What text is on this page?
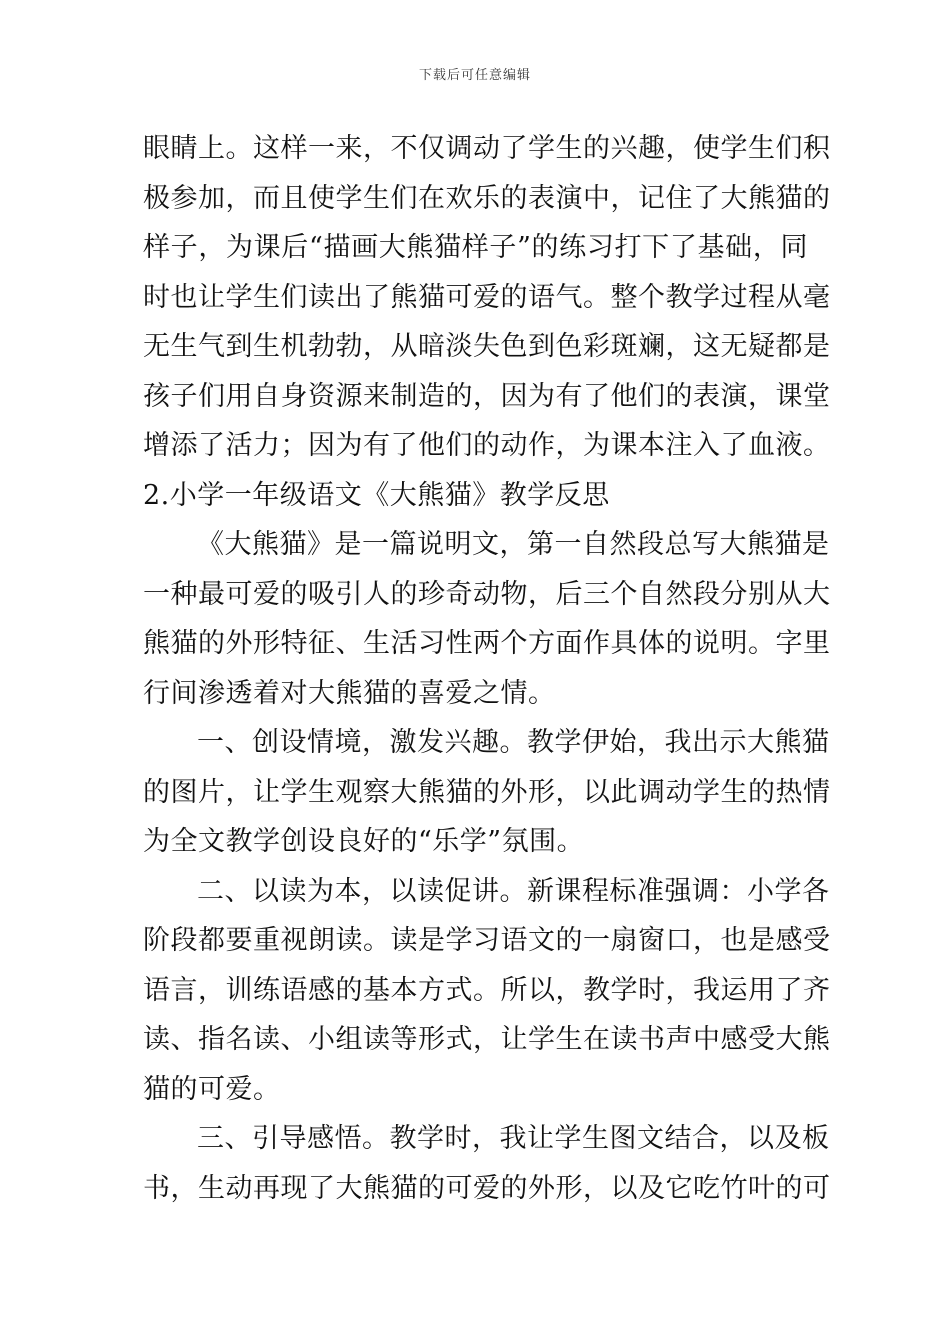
下载后可任意编辑
眼睛上。这样一来，不仅调动了学生的兴趣，使学生们积
极参加，而且使学生们在欢乐的表演中，记住了大熊猫的
样子，为课后“描画大熊猫样子”的练习打下了基础，同
时也让学生们读出了熊猫可爱的语气。整个教学过程从毫
无生气到生机勃勃，从暗淡失色到色彩斑斓，这无疑都是
孩子们用自身资源来制造的，因为有了他们的表演，课堂
增添了活力；因为有了他们的动作，为课本注入了血液。
2.小学一年级语文《大熊猫》教学反思
《大熊猫》是一篇说明文，第一自然段总写大熊猫是
一种最可爱的吸引人的珍奇动物，后三个自然段分别从大
熊猫的外形特征、生活习性两个方面作具体的说明。字里
行间渗透着对大熊猫的喜爱之情。
一、创设情境，激发兴趣。教学伊始，我出示大熊猫
的图片，让学生观察大熊猫的外形，以此调动学生的热情
为全文教学创设良好的“乐学”氛围。
二、以读为本，以读促讲。新课程标准强调：小学各
阶段都要重视朗读。读是学习语文的一扇窗口，也是感受
语言，训练语感的基本方式。所以，教学时，我运用了齐
读、指名读、小组读等形式，让学生在读书声中感受大熊
猫的可爱。
三、引导感悟。教学时，我让学生图文结合，以及板
书，生动再现了大熊猫的可爱的外形，以及它吃竹叶的可
